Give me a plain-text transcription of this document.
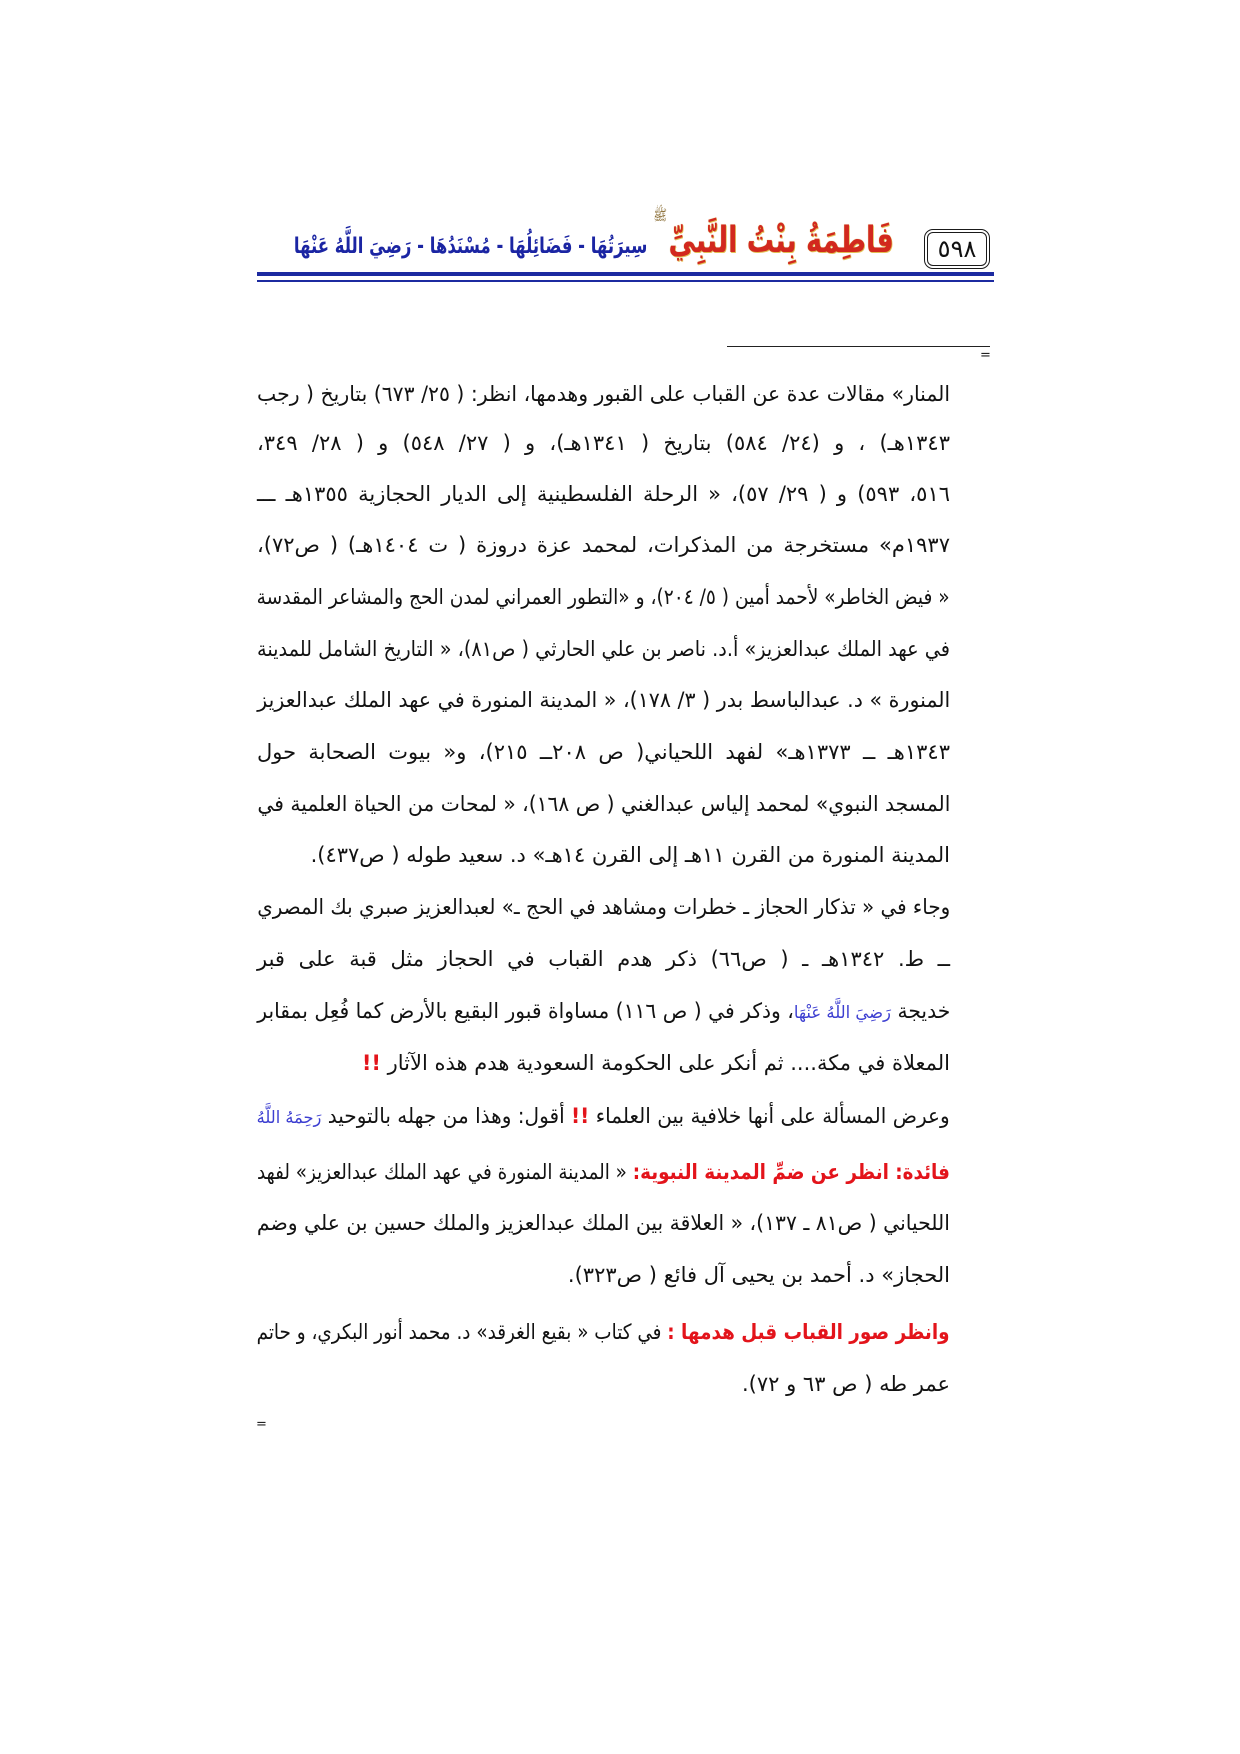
٥٩٨
فَاطِمَةُ بِنْتُ النَّبِيِّ
ﷺ
سِيرَتُهَا - فَضَائِلُهَا - مُسْنَدُهَا - رَضِيَ اللَّهُ عَنْهَا
=
المنار» مقالات عدة عن القباب على القبور وهدمها، انظر: ( ٢٥/ ٦٧٣) بتاريخ ( رجب
١٣٤٣هـ) ، و (٢٤/ ٥٨٤) بتاريخ ( ١٣٤١هـ)، و ( ٢٧/ ٥٤٨) و ( ٢٨/ ٣٤٩،
٥١٦، ٥٩٣) و ( ٢٩/ ٥٧)، « الرحلة الفلسطينية إلى الديار الحجازية ١٣٥٥هـ ـــ
١٩٣٧م» مستخرجة من المذكرات، لمحمد عزة دروزة ( ت ١٤٠٤هـ) ( ص٧٢)،
« فيض الخاطر» لأحمد أمين ( ٥/ ٢٠٤)، و «التطور العمراني لمدن الحج والمشاعر المقدسة
في عهد الملك عبدالعزيز» أ.د. ناصر بن علي الحارثي ( ص٨١)، « التاريخ الشامل للمدينة
المنورة » د. عبدالباسط بدر ( ٣/ ١٧٨)، « المدينة المنورة في عهد الملك عبدالعزيز
١٣٤٣هـ ــ ١٣٧٣هـ» لفهد اللحياني( ص ٢٠٨ــ ٢١٥)، و« بيوت الصحابة حول
المسجد النبوي» لمحمد إلياس عبدالغني ( ص ١٦٨)، « لمحات من الحياة العلمية في
المدينة المنورة من القرن ١١هـ إلى القرن ١٤هـ» د. سعيد طوله ( ص٤٣٧).
وجاء في « تذكار الحجاز ـ خطرات ومشاهد في الحج ـ» لعبدالعزيز صبري بك المصري
ــ ط. ١٣٤٢هـ ـ ( ص٦٦) ذكر هدم القباب في الحجاز مثل قبة على قبر
خديجة رَضِيَ اللَّهُ عَنْهَا، وذكر في ( ص ١١٦) مساواة قبور البقيع بالأرض كما فُعِل بمقابر
المعلاة في مكة.... ثم أنكر على الحكومة السعودية هدم هذه الآثار !!
وعرض المسألة على أنها خلافية بين العلماء !! أقول: وهذا من جهله بالتوحيد رَحِمَهُ اللَّهُ
فائدة: انظر عن ضمِّ المدينة النبوية: « المدينة المنورة في عهد الملك عبدالعزيز» لفهد
اللحياني ( ص٨١ ـ ١٣٧)، « العلاقة بين الملك عبدالعزيز والملك حسين بن علي وضم
الحجاز» د. أحمد بن يحيى آل فائع ( ص٣٢٣).
وانظر صور القباب قبل هدمها : في كتاب « بقيع الغرقد» د. محمد أنور البكري، و حاتم
عمر طه ( ص ٦٣ و ٧٢).
=
